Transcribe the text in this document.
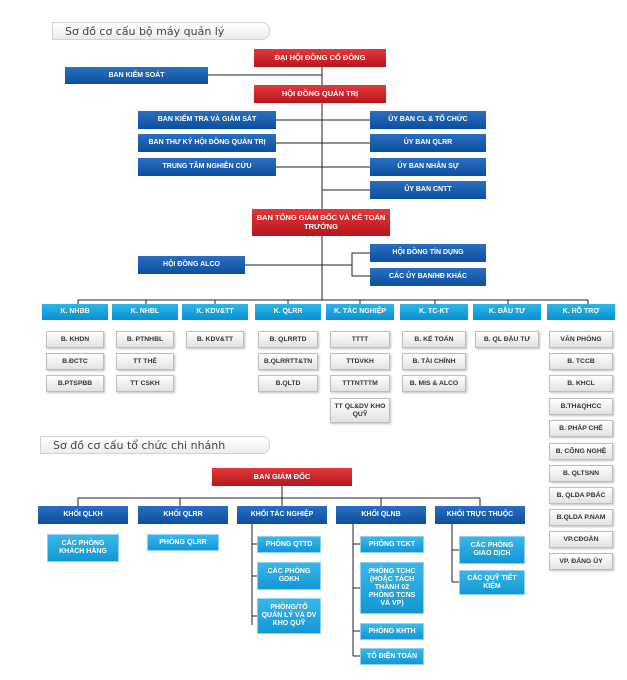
Sơ đồ cơ cấu bộ máy quản lý
Sơ đồ cơ cấu tổ chức chi nhánh
ĐẠI HỘI ĐỒNG CỔ ĐÔNG
BAN KIỂM SOÁT
HỘI ĐỒNG QUẢN TRỊ
BAN KIỂM TRA VÀ GIÁM SÁT
BAN THƯ KÝ HỘI ĐỒNG QUẢN TRỊ
TRUNG TÂM NGHIÊN CỨU
ỦY BAN CL & TỔ CHỨC
ỦY BAN QLRR
ỦY BAN NHÂN SỰ
ỦY BAN CNTT
BAN TỔNG GIÁM ĐỐC VÀ KẾ TOÁN TRƯỞNG
HỘI ĐỒNG ALCO
HỘI ĐỒNG TÍN DỤNG
CÁC ỦY BAN/HĐ KHÁC
K. NHBB	K. NHBL	K. KDV&TT	K. QLRR	K. TÁC NGHIỆP	K. TC-KT	K. ĐẦU TƯ	K. HỖ TRỢ
B. KHDN
B.ĐCTC
B.PTSPBB
B. PTNHBL
TT THẺ
TT CSKH
B. KDV&TT	B. QLRRTD
B.QLRRTT&TN
B.QLTD
TTTT
TTDVKH
TTTNTTTM
TT QL&DV KHO QUỸ
B. KẾ TOÁN
B. TÀI CHÍNH
B. MIS & ALCO
B. QL ĐẦU TƯ	VĂN PHÒNG
B. TCCB
B. KHCL
B.TH&QHCC
B. PHÁP CHẾ
B. CÔNG NGHỆ
B. QLTSNN
B. QLDA PBÁC
B.QLDA P.NAM
VP.CĐOÀN
VP. ĐẢNG ỦY
BAN GIÁM ĐỐC
KHỐI QLKH	KHỐI QLRR	KHỐI TÁC NGHIỆP	KHỐI QLNB	KHỐI TRỰC THUỘC
CÁC PHÒNG KHÁCH HÀNG
PHÒNG QLRR	PHÒNG QTTD
CÁC PHÒNG GDKH
PHÒNG/TỔ QUẢN LÝ VÀ DV KHO QUỸ
PHÒNG TCKT
PHÒNG TCHC (HOẶC TÁCH THÀNH 02 PHÒNG TCNS VÀ VP)
PHÒNG KHTH
TỔ ĐIỆN TOÁN
CÁC PHÒNG GIAO DỊCH
CÁC QUỸ TIẾT KIỆM
